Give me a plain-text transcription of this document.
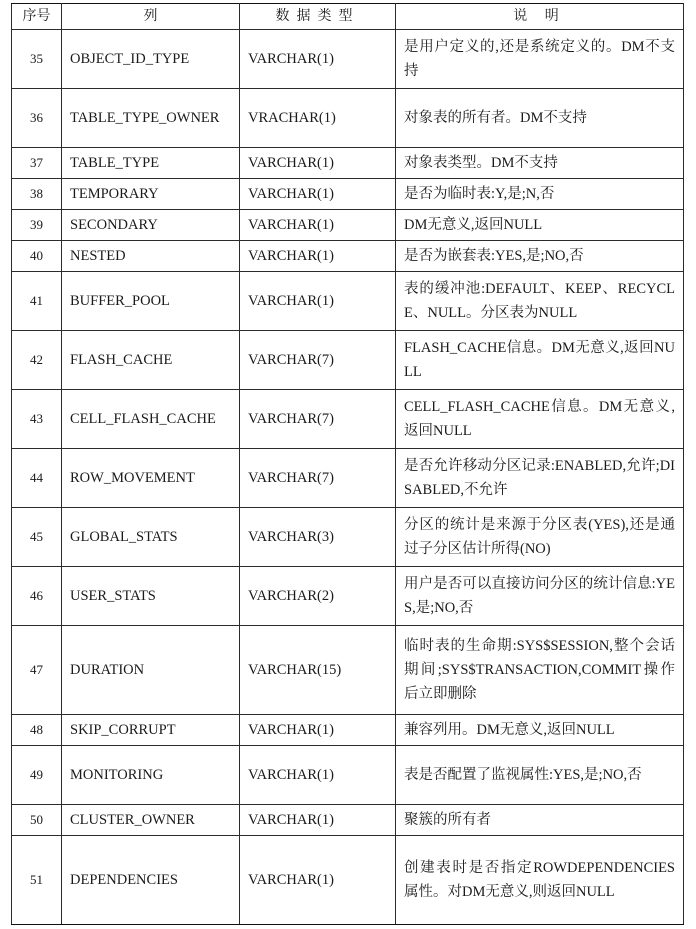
序号	列	数据类型	说 明
35	OBJECT_ID_TYPE	VARCHAR(1)	是用户定义的,还是系统定义的。DM不支持
36	TABLE_TYPE_OWNER	VRACHAR(1)	对象表的所有者。DM不支持
37	TABLE_TYPE	VARCHAR(1)	对象表类型。DM不支持
38	TEMPORARY	VARCHAR(1)	是否为临时表:Y,是;N,否
39	SECONDARY	VARCHAR(1)	DM无意义,返回NULL
40	NESTED	VARCHAR(1)	是否为嵌套表:YES,是;NO,否
41	BUFFER_POOL	VARCHAR(1)	表的缓冲池:DEFAULT、KEEP、RECYCLE、NULL。分区表为NULL
42	FLASH_CACHE	VARCHAR(7)	FLASH_CACHE信息。DM无意义,返回NULL
43	CELL_FLASH_CACHE	VARCHAR(7)	CELL_FLASH_CACHE信息。DM无意义,返回NULL
44	ROW_MOVEMENT	VARCHAR(7)	是否允许移动分区记录:ENABLED,允许;DISABLED,不允许
45	GLOBAL_STATS	VARCHAR(3)	分区的统计是来源于分区表(YES),还是通过子分区估计所得(NO)
46	USER_STATS	VARCHAR(2)	用户是否可以直接访问分区的统计信息:YES,是;NO,否
47	DURATION	VARCHAR(15)	临时表的生命期:SYS$SESSION,整个会话期间;SYS$TRANSACTION,COMMIT操作后立即删除
48	SKIP_CORRUPT	VARCHAR(1)	兼容列用。DM无意义,返回NULL
49	MONITORING	VARCHAR(1)	表是否配置了监视属性:YES,是;NO,否
50	CLUSTER_OWNER	VARCHAR(1)	聚簇的所有者
51	DEPENDENCIES	VARCHAR(1)	创建表时是否指定ROWDEPENDENCIES属性。对DM无意义,则返回NULL
